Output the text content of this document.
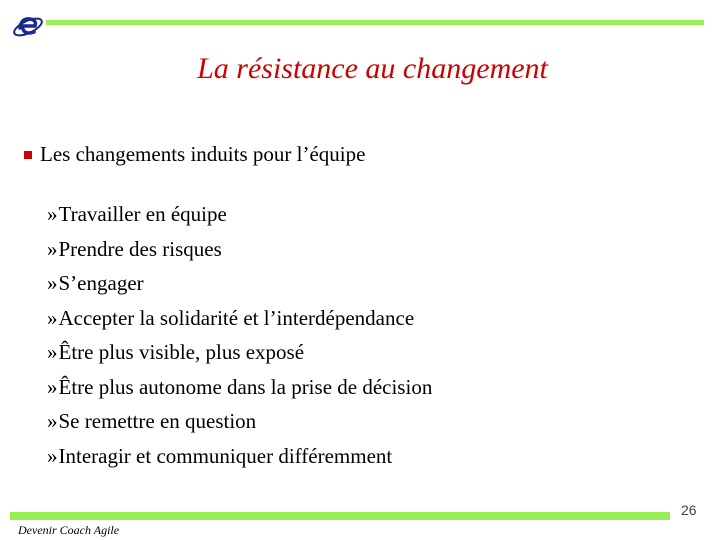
La résistance au changement
Les changements induits pour l’équipe
» Travailler en équipe
» Prendre des risques
» S’engager
» Accepter la solidarité et l’interdépendance
» Être plus visible, plus exposé
» Être plus autonome dans la prise de décision
» Se remettre en question
» Interagir et communiquer différemment
26
Devenir Coach Agile
